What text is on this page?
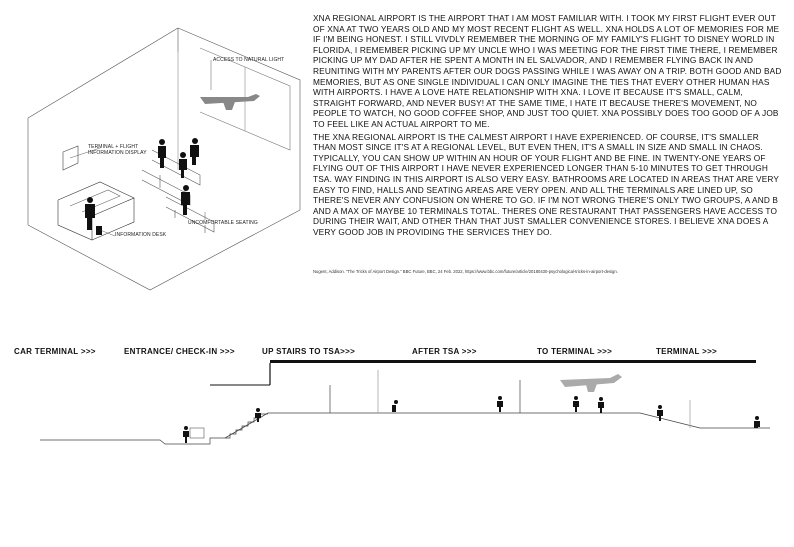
ACCESS TO NATURAL LIGHT
TERMINAL + FLIGHT
INFORMATION DISPLAY
UNCOMFORTABLE SEATING
INFORMATION DESK

XNA REGIONAL AIRPORT IS THE AIRPORT THAT I AM MOST FAMILIAR WITH. I TOOK MY FIRST FLIGHT EVER OUT OF XNA AT TWO YEARS OLD AND MY MOST RECENT FLIGHT AS WELL. XNA HOLDS A LOT OF MEMORIES FOR ME IF I'M BEING HONEST. I STILL VIVDLY REMEMBER THE MORNING OF MY FAMILY'S FLIGHT TO DISNEY WORLD IN FLORIDA, I REMEMBER PICKING UP MY UNCLE WHO I WAS MEETING FOR THE FIRST TIME THERE, I REMEMBER PICKING UP MY DAD AFTER HE SPENT A MONTH IN EL SALVADOR, AND I REMEMBER FLYING BACK IN AND REUNITING WITH MY PARENTS AFTER OUR DOGS PASSING WHILE I WAS AWAY ON A TRIP. BOTH GOOD AND BAD MEMORIES, BUT AS ONE SINGLE INDIVIDUAL I CAN ONLY IMAGINE THE TIES THAT EVERY OTHER HUMAN HAS WITH AIRPORTS. I HAVE A LOVE HATE RELATIONSHIP WITH XNA. I LOVE IT BECAUSE IT'S SMALL, CALM, STRAIGHT FORWARD, AND NEVER BUSY! AT THE SAME TIME, I HATE IT BECAUSE THERE'S MOVEMENT, NO PEOPLE TO WATCH, NO GOOD COFFEE SHOP, AND JUST TOO QUIET. XNA POSSIBLY DOES TOO GOOD OF A JOB TO FEEL LIKE AN ACTUAL AIRPORT TO ME.

THE XNA REGIONAL AIRPORT IS THE CALMEST AIRPORT I HAVE EXPERIENCED. OF COURSE, IT'S SMALLER THAN MOST SINCE IT'S AT A REGIONAL LEVEL, BUT EVEN THEN, IT'S A SMALL IN SIZE AND SMALL IN CHAOS. TYPICALLY, YOU CAN SHOW UP WITHIN AN HOUR OF YOUR FLIGHT AND BE FINE. IN TWENTY-ONE YEARS OF FLYING OUT OF THIS AIRPORT I HAVE NEVER EXPERIENCED LONGER THAN 5-10 MINUTES TO GET THROUGH TSA. WAY FINDING IN THIS AIRPORT IS ALSO VERY EASY. BATHROOMS ARE LOCATED IN AREAS THAT ARE VERY EASY TO FIND, HALLS AND SEATING AREAS ARE VERY OPEN. AND ALL THE TERMINALS ARE LINED UP, SO THERE'S NEVER ANY CONFUSION ON WHERE TO GO. IF I'M NOT WRONG THERE'S ONLY TWO GROUPS, A AND B AND A MAX OF MAYBE 10 TERMINALS TOTAL. THERES ONE RESTAURANT THAT PASSENGERS HAVE ACCESS TO DURING THEIR WAIT, AND OTHER THAN THAT JUST SMALLER CONVENIENCE STORES. I BELIEVE XNA DOES A VERY GOOD JOB IN PROVIDING THE SERVICES THEY DO.

Nugent, Addison. "The Tricks of Airport Design." BBC Future, BBC, 24 Feb. 2022, https://www.bbc.com/future/article/20180430-psychological-tricks-in-airport-design.
CAR TERMINAL >>>	ENTRANCE/ CHECK-IN >>>	UP STAIRS TO TSA>>>	AFTER TSA >>>	TO TERMINAL >>>	TERMINAL >>>
